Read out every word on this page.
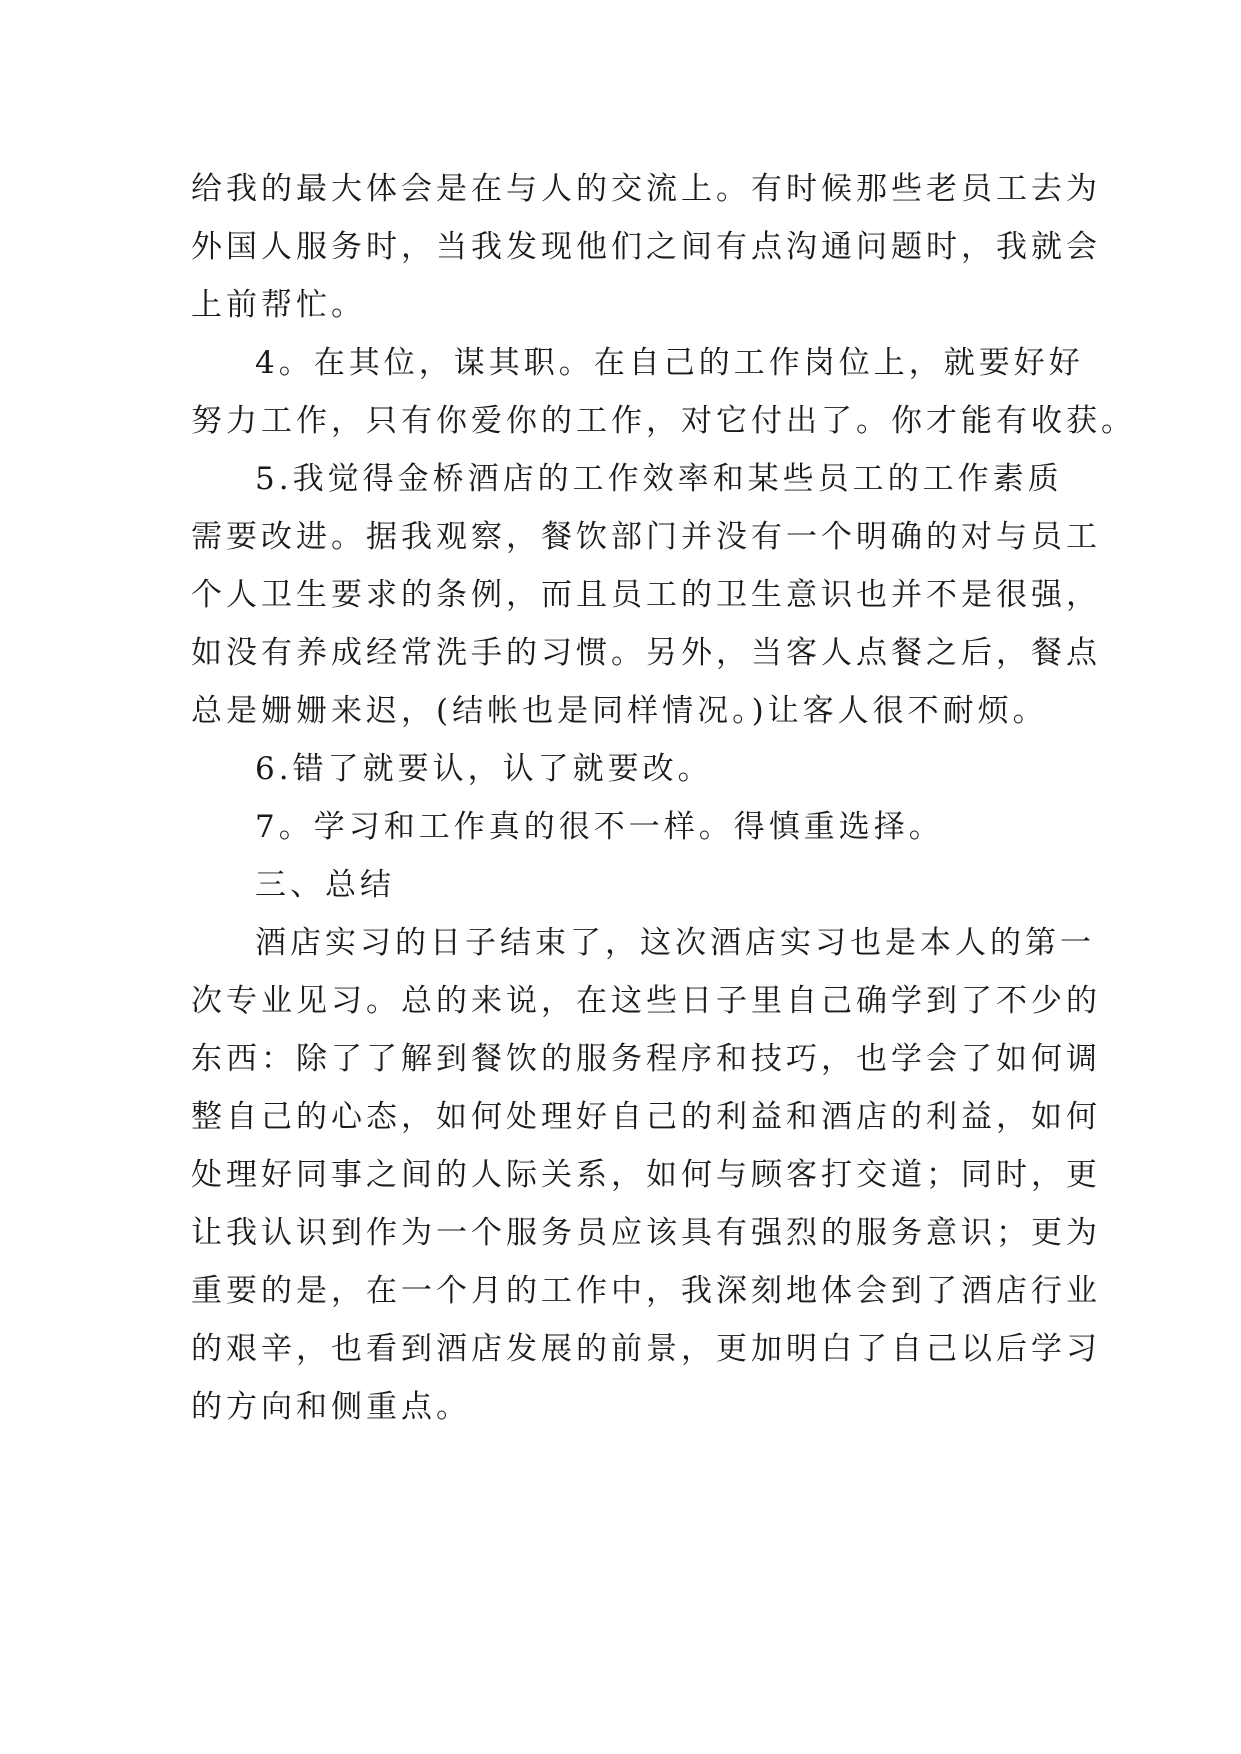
给我的最大体会是在与人的交流上。有时候那些老员工去为
外国人服务时，当我发现他们之间有点沟通问题时，我就会
上前帮忙。
4。在其位，谋其职。在自己的工作岗位上，就要好好
努力工作，只有你爱你的工作，对它付出了。你才能有收获。
5.我觉得金桥酒店的工作效率和某些员工的工作素质
需要改进。据我观察，餐饮部门并没有一个明确的对与员工
个人卫生要求的条例，而且员工的卫生意识也并不是很强，
如没有养成经常洗手的习惯。另外，当客人点餐之后，餐点
总是姗姗来迟，(结帐也是同样情况。)让客人很不耐烦。
6.错了就要认，认了就要改。
7。学习和工作真的很不一样。得慎重选择。
三、总结
酒店实习的日子结束了，这次酒店实习也是本人的第一
次专业见习。总的来说，在这些日子里自己确学到了不少的
东西：除了了解到餐饮的服务程序和技巧，也学会了如何调
整自己的心态，如何处理好自己的利益和酒店的利益，如何
处理好同事之间的人际关系，如何与顾客打交道；同时，更
让我认识到作为一个服务员应该具有强烈的服务意识；更为
重要的是，在一个月的工作中，我深刻地体会到了酒店行业
的艰辛，也看到酒店发展的前景，更加明白了自己以后学习
的方向和侧重点。
